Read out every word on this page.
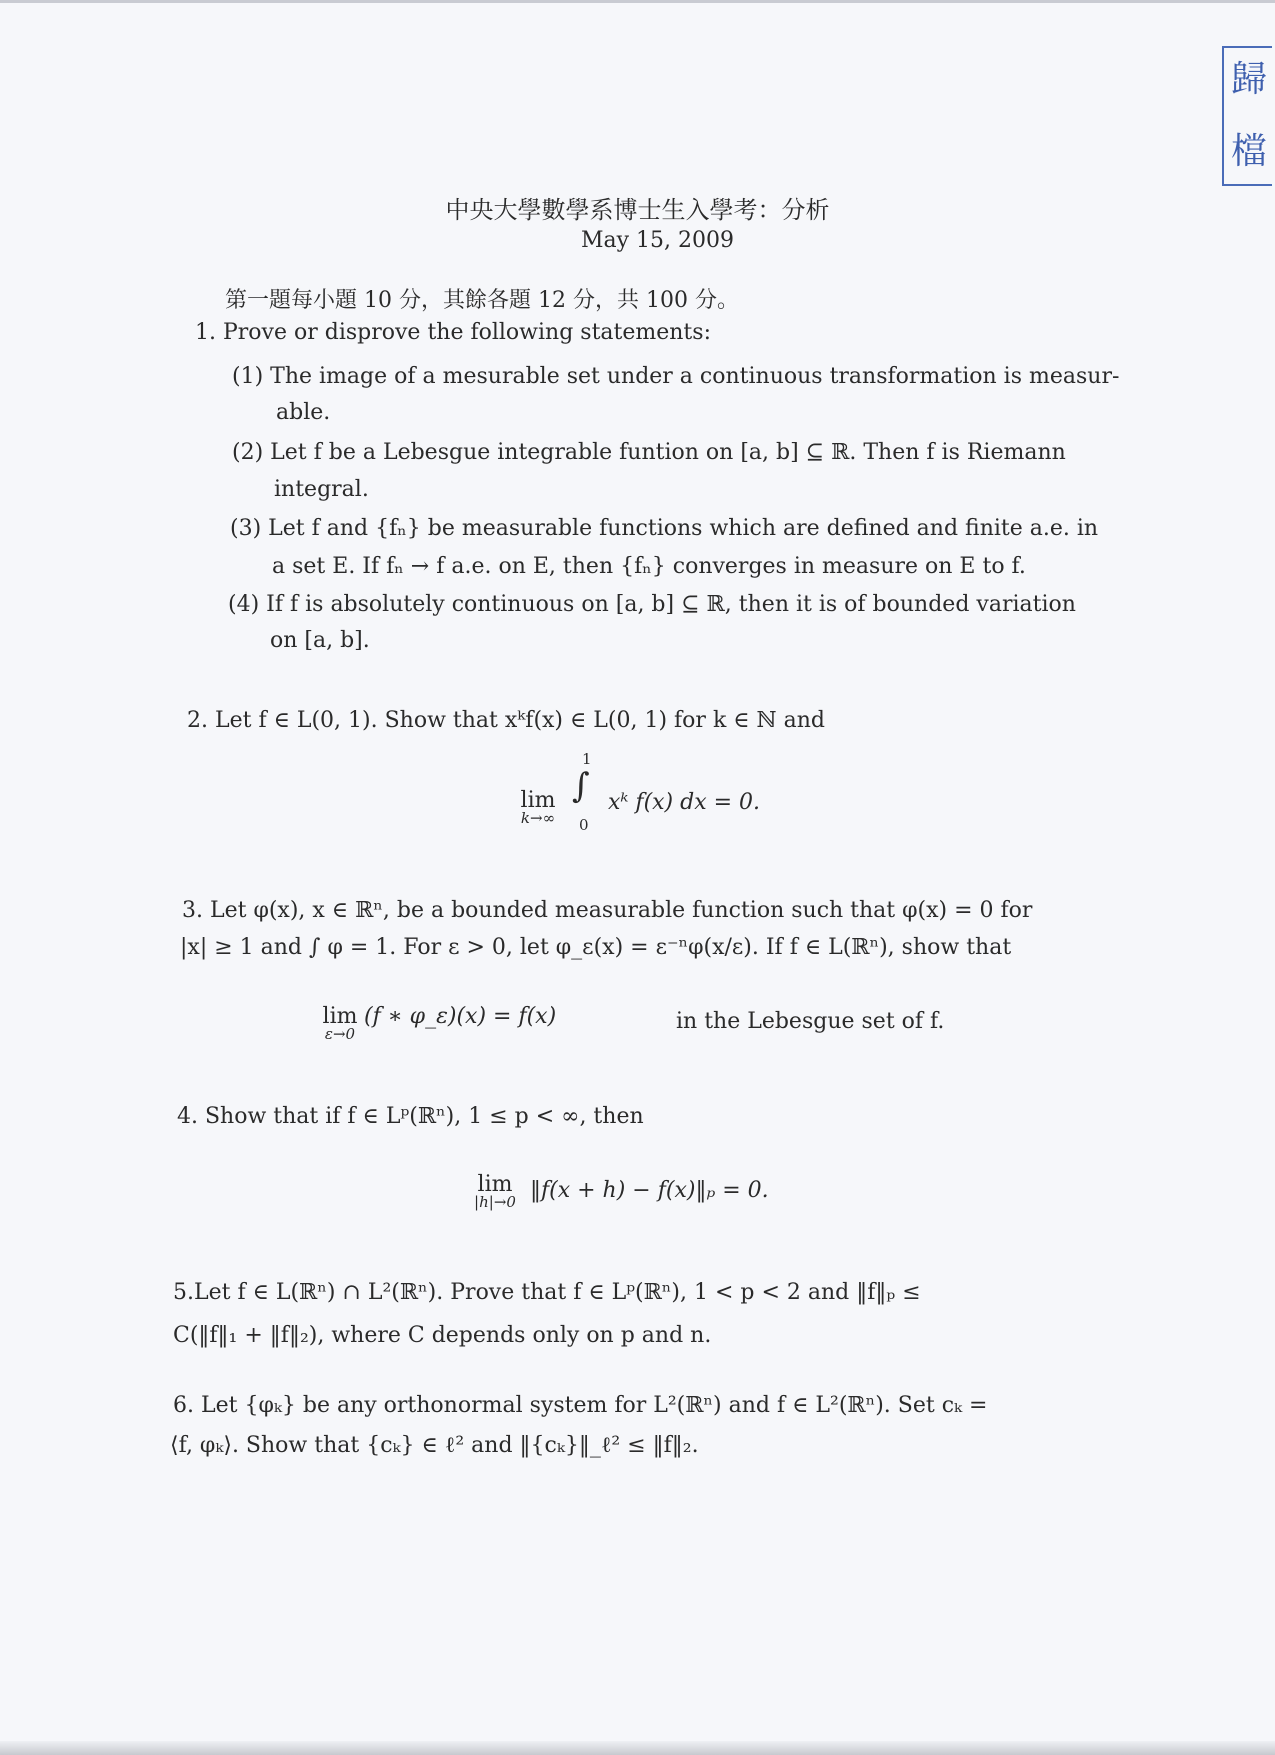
歸
檔
中央大學數學系博士生入學考：分析
May 15, 2009
第一題每小題 10 分，其餘各題 12 分，共 100 分。
1. Prove or disprove the following statements:
(1) The image of a mesurable set under a continuous transformation is measur-
able.
(2) Let f be a Lebesgue integrable funtion on [a, b] ⊆ ℝ. Then f is Riemann
integral.
(3) Let f and {fₙ} be measurable functions which are defined and finite a.e. in
a set E. If fₙ → f a.e. on E, then {fₙ} converges in measure on E to f.
(4) If f is absolutely continuous on [a, b] ⊆ ℝ, then it is of bounded variation
on [a, b].
2. Let f ∈ L(0, 1). Show that xᵏf(x) ∈ L(0, 1) for k ∈ ℕ and
lim
k→∞
1
∫
0
xᵏ f(x) dx = 0.
3. Let φ(x), x ∈ ℝⁿ, be a bounded measurable function such that φ(x) = 0 for
|x| ≥ 1 and ∫ φ = 1. For ε > 0, let φ_ε(x) = ε⁻ⁿφ(x/ε). If f ∈ L(ℝⁿ), show that
lim
ε→0
(f ∗ φ_ε)(x) = f(x)	in the Lebesgue set of f.
4. Show that if f ∈ Lᵖ(ℝⁿ), 1 ≤ p < ∞, then
lim
|h|→0 ‖f(x + h) − f(x)‖ₚ = 0.
5.Let f ∈ L(ℝⁿ) ∩ L²(ℝⁿ). Prove that f ∈ Lᵖ(ℝⁿ), 1 < p < 2 and ‖f‖ₚ ≤
C(‖f‖₁ + ‖f‖₂), where C depends only on p and n.
6. Let {φₖ} be any orthonormal system for L²(ℝⁿ) and f ∈ L²(ℝⁿ). Set cₖ =
⟨f, φₖ⟩. Show that {cₖ} ∈ ℓ² and ‖{cₖ}‖_ℓ² ≤ ‖f‖₂.
